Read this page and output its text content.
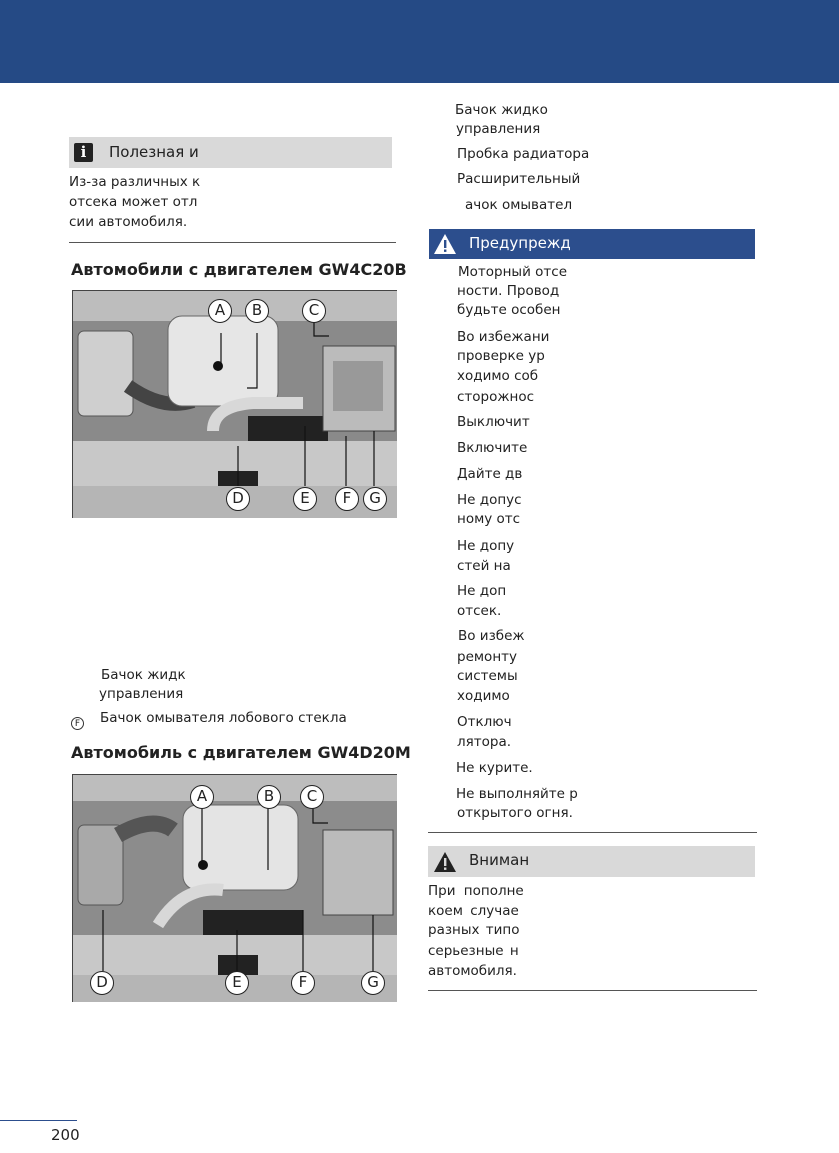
i	Полезная и
Из-за различных к
отсека может отл
сии автомобиля.
Автомобили с двигателем GW4C20B
A	B	C
D	E	F	G
Бачок жидк
управления
F Бачок омывателя лобового стекла
Автомобиль с двигателем GW4D20M
A	B	C
D	E	F	G
Бачок жидко
управления
Пробка радиатора
Расширительный
ачок омывател
Предупрежд
Моторный отсе
ности. Провод
будьте особен
Во избежани
проверке ур
ходимо соб
сторожнос
Выключит
Включите
Дайте дв
Не допус
ному отс
Не допу
стей на
Не доп
отсек.
Во избеж
ремонту
системы
ходимо
Отключ
лятора.
Не курите.
Не выполняйте р
открытого огня.
Вниман
При пополне
коем случае
разных типо
серьезные н
автомобиля.
200
